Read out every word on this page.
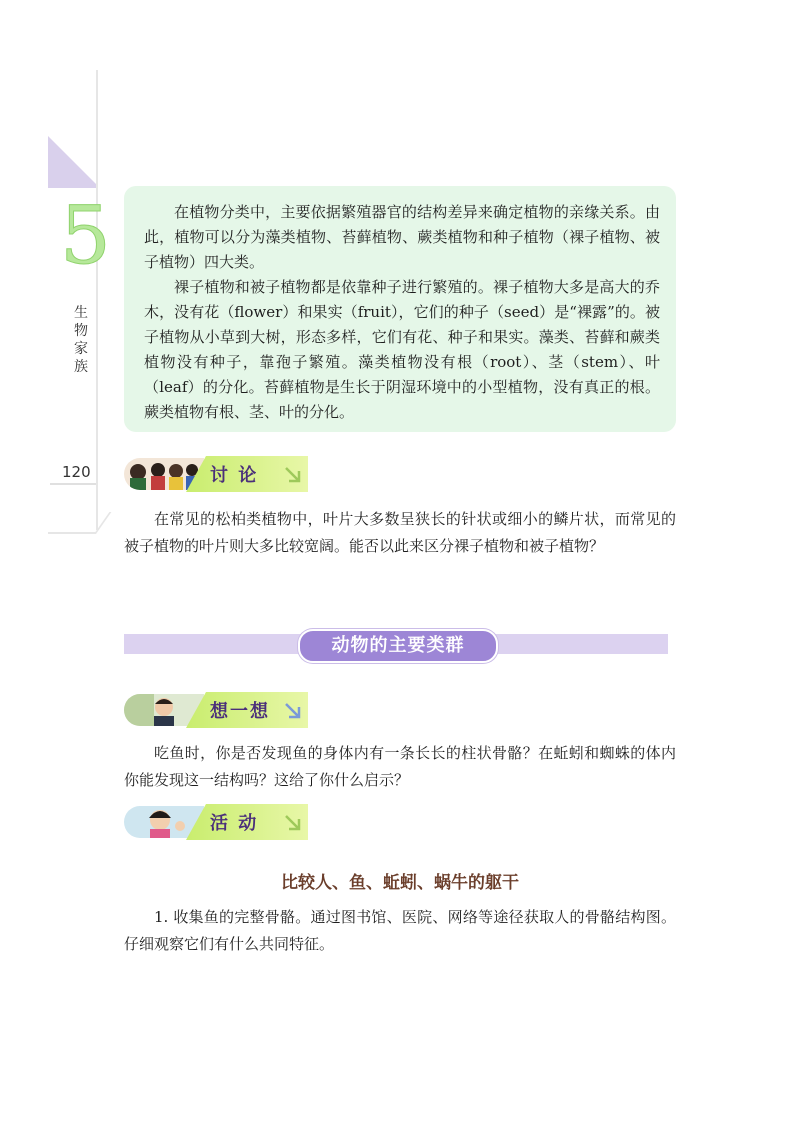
5
生物家族
120

在植物分类中，主要依据繁殖器官的结构差异来确定植物的亲缘关系。由此，植物可以分为藻类植物、苔藓植物、蕨类植物和种子植物（裸子植物、被子植物）四大类。

裸子植物和被子植物都是依靠种子进行繁殖的。裸子植物大多是高大的乔木，没有花（flower）和果实（fruit），它们的种子（seed）是“裸露”的。被子植物从小草到大树，形态多样，它们有花、种子和果实。藻类、苔藓和蕨类植物没有种子，靠孢子繁殖。藻类植物没有根（root）、茎（stem）、叶（leaf）的分化。苔藓植物是生长于阴湿环境中的小型植物，没有真正的根。蕨类植物有根、茎、叶的分化。

讨 论

在常见的松柏类植物中，叶片大多数呈狭长的针状或细小的鳞片状，而常见的被子植物的叶片则大多比较宽阔。能否以此来区分裸子植物和被子植物？

动物的主要类群
想一想

吃鱼时，你是否发现鱼的身体内有一条长长的柱状骨骼？在蚯蚓和蜘蛛的体内你能发现这一结构吗？这给了你什么启示？

活 动
比较人、鱼、蚯蚓、蜗牛的躯干

1. 收集鱼的完整骨骼。通过图书馆、医院、网络等途径获取人的骨骼结构图。仔细观察它们有什么共同特征。
